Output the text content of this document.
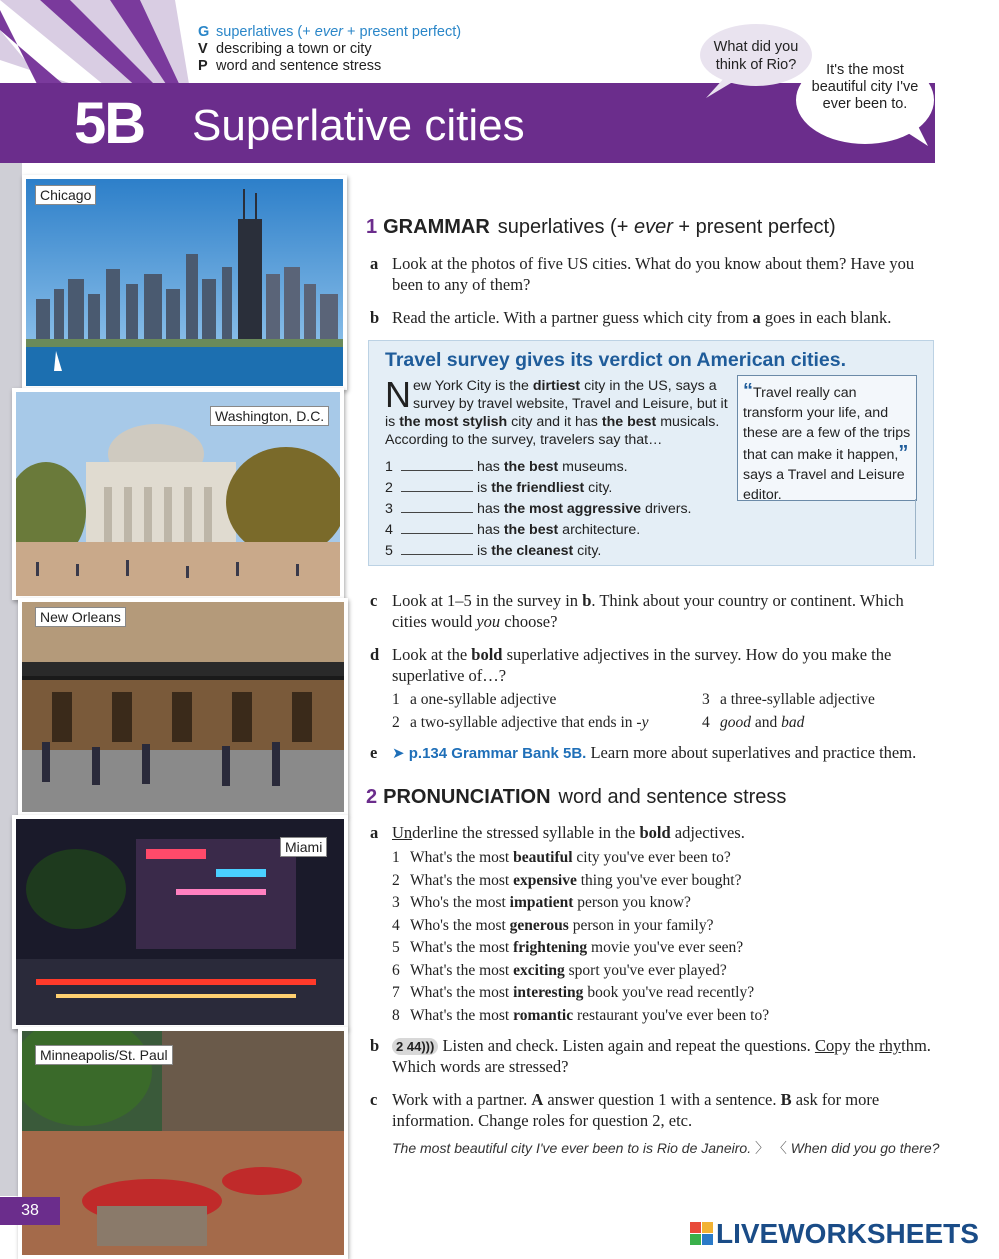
G superlatives (+ ever + present perfect)
V describing a town or city
P word and sentence stress
5B Superlative cities
What did you
think of Rio?	It's the most
beautiful city I've
ever been to.
Chicago
Washington, D.C.
New Orleans
Miami
Minneapolis/St. Paul
38
1 GRAMMAR superlatives (+ ever + present perfect)
a Look at the photos of five US cities. What do you know about them? Have you been to any of them?
b Read the article. With a partner guess which city from a goes in each blank.
Travel survey gives its verdict on American cities.
New York City is the dirtiest city in the US, says a survey by travel website, Travel and Leisure, but it is the most stylish city and it has the best musicals. According to the survey, travelers say that…
1	has the best museums.
2	is the friendliest city.
3	has the most aggressive drivers.
4	has the best architecture.
5	is the cleanest city.
“Travel really can transform your life, and these are a few of the trips that can make it happen,” says a Travel and Leisure editor.
c Look at 1–5 in the survey in b. Think about your country or continent. Which cities would you choose?
d Look at the bold superlative adjectives in the survey. How do you make the superlative of…?
1 a one-syllable adjective
2 a two-syllable adjective that ends in -y
3 a three-syllable adjective
4 good and bad
e ➤ p.134 Grammar Bank 5B. Learn more about superlatives and practice them.
2 PRONUNCIATION word and sentence stress
a Underline the stressed syllable in the bold adjectives.
1 What's the most beautiful city you've ever been to?
2 What's the most expensive thing you've ever bought?
3 Who's the most impatient person you know?
4 Who's the most generous person in your family?
5 What's the most frightening movie you've ever seen?
6 What's the most exciting sport you've ever played?
7 What's the most interesting book you've read recently?
8 What's the most romantic restaurant you've ever been to?
b	2 44))) Listen and check. Listen again and repeat the questions. Copy the rhythm. Which words are stressed?
c Work with a partner. A answer question 1 with a sentence. B ask for more information. Change roles for question 2, etc.
The most beautiful city I've ever been to is Rio de Janeiro. 〉 〈 When did you go there?
LIVEWORKSHEETS
